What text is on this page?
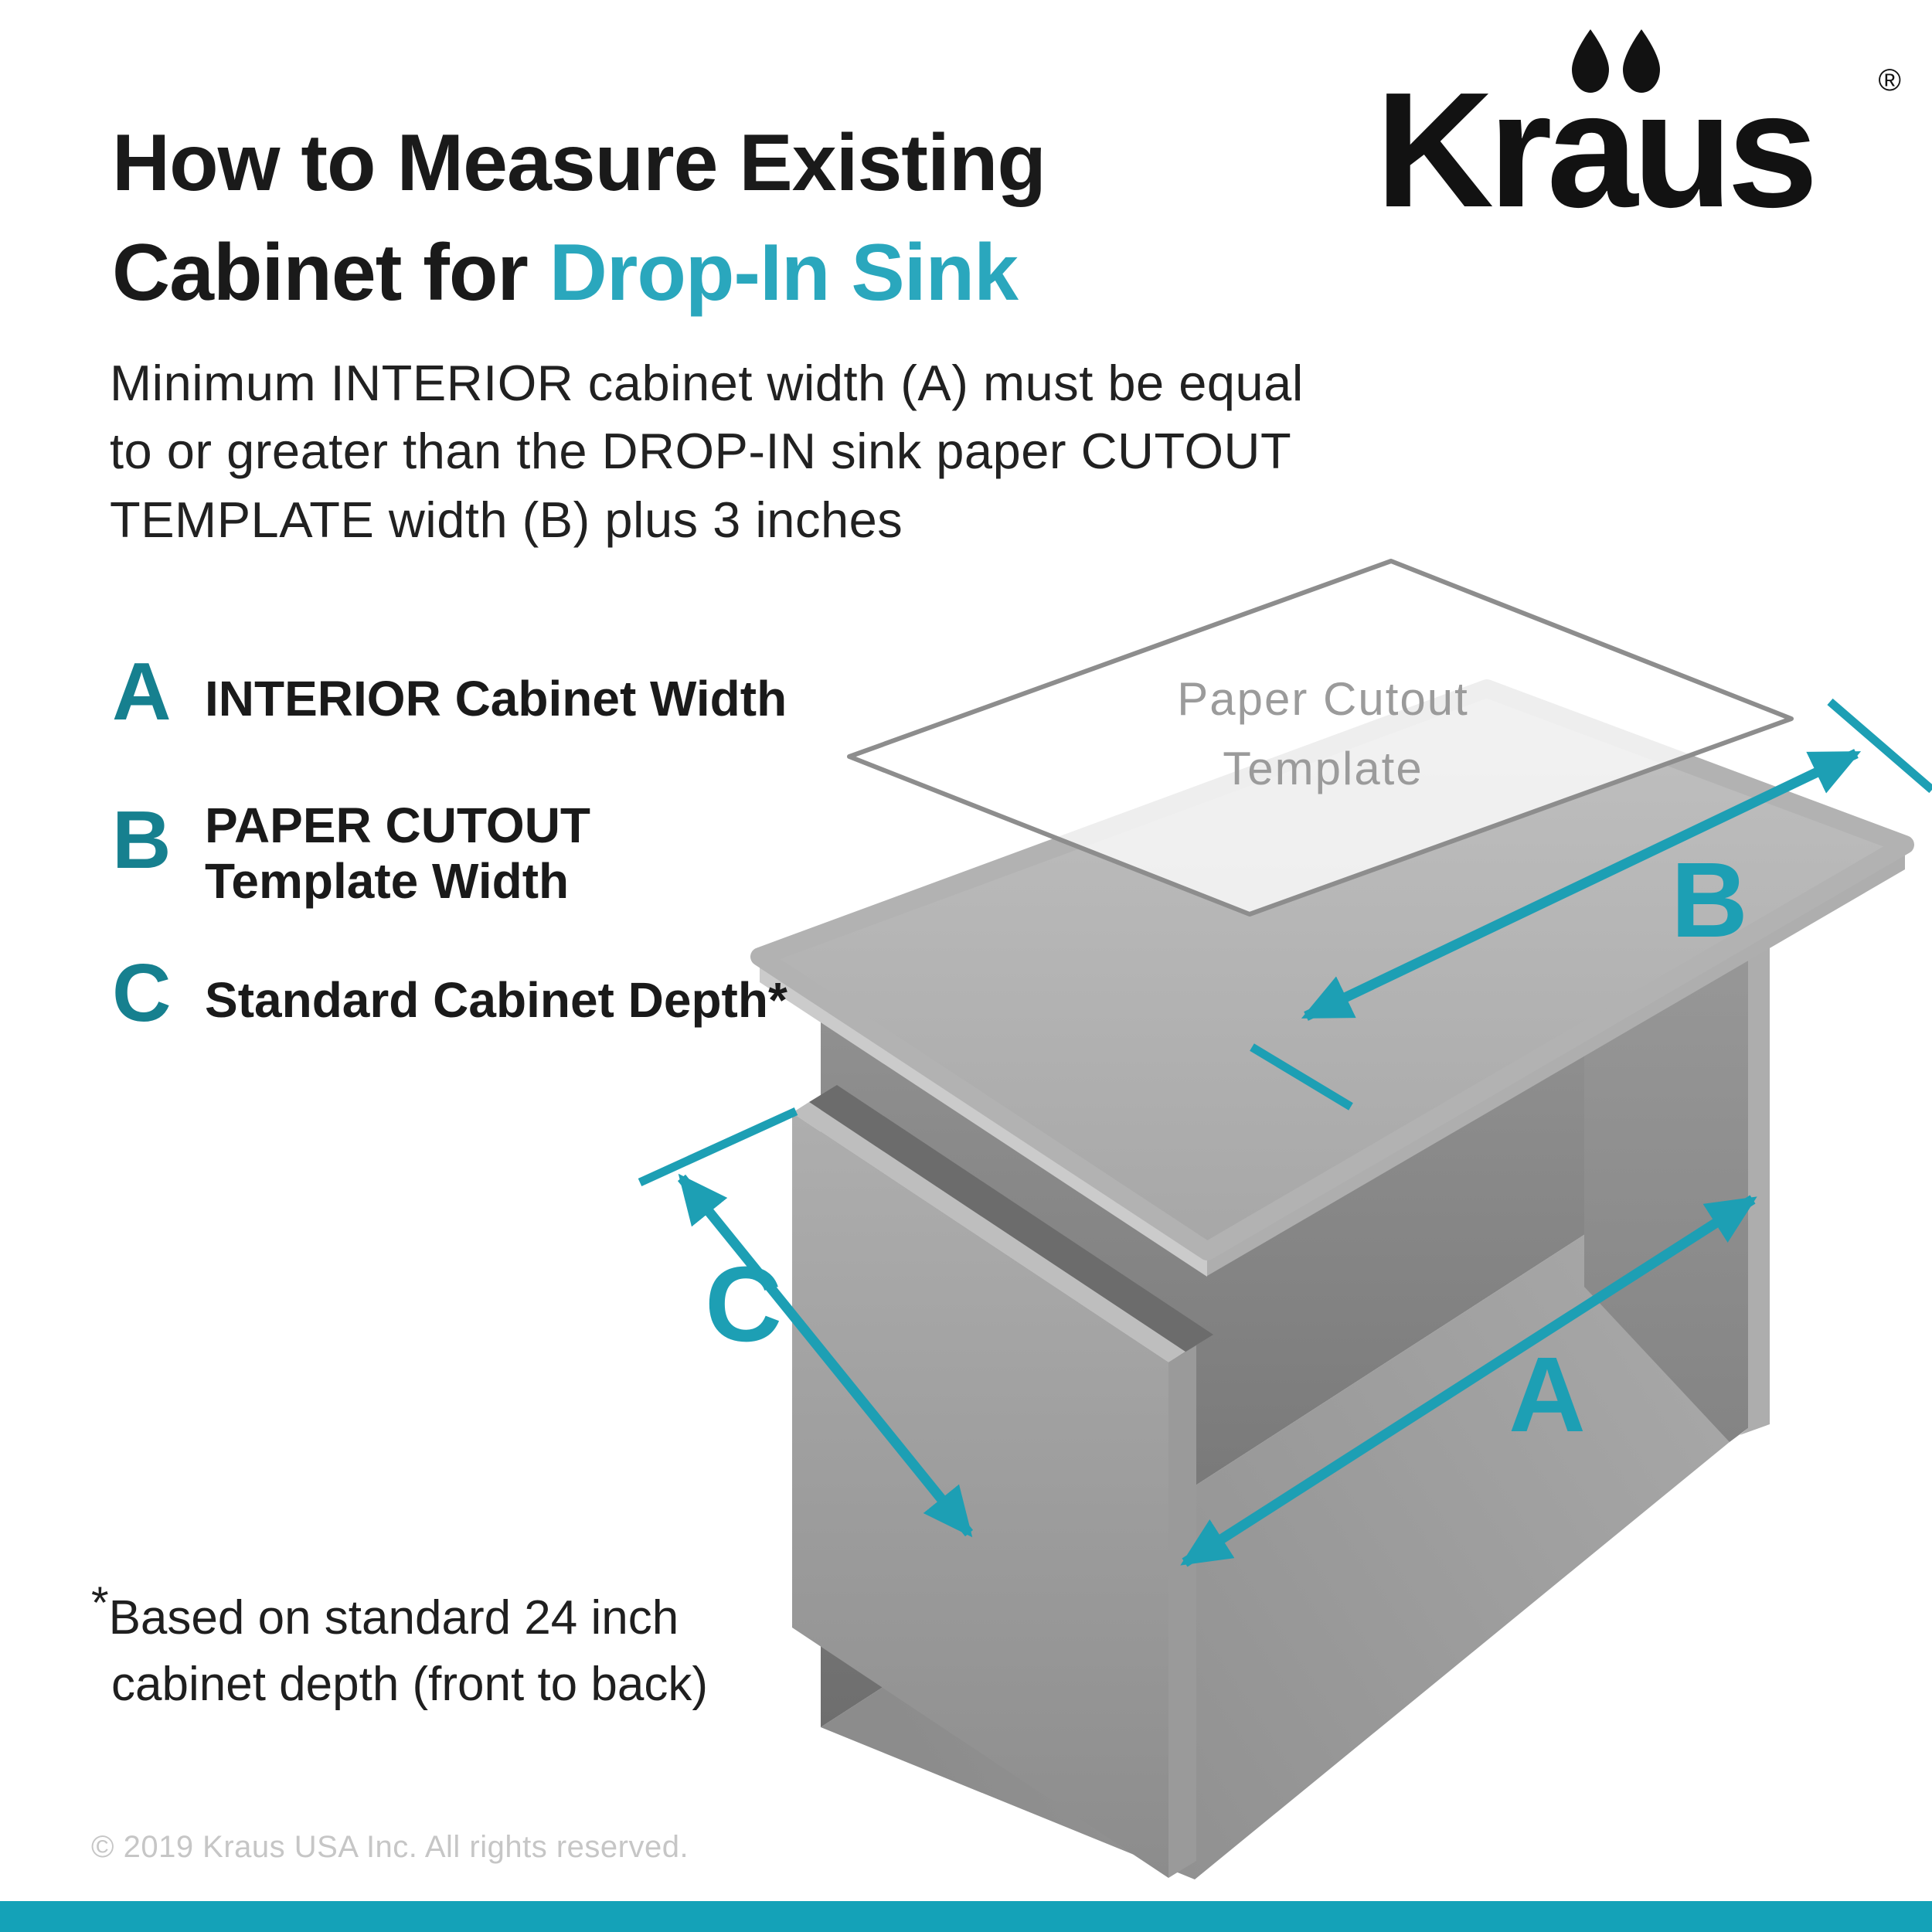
Paper Cutout
Template
B
A
C
Kraus ®
How to Measure Existing
Cabinet for Drop-In Sink
Minimum INTERIOR cabinet width (A) must be equal
to or greater than the DROP-IN sink paper CUTOUT
TEMPLATE width (B) plus 3 inches
A INTERIOR Cabinet Width
B PAPER CUTOUT
Template Width
C Standard Cabinet Depth*
*Based on standard 24 inch
cabinet depth (front to back)
© 2019 Kraus USA Inc. All rights reserved.
